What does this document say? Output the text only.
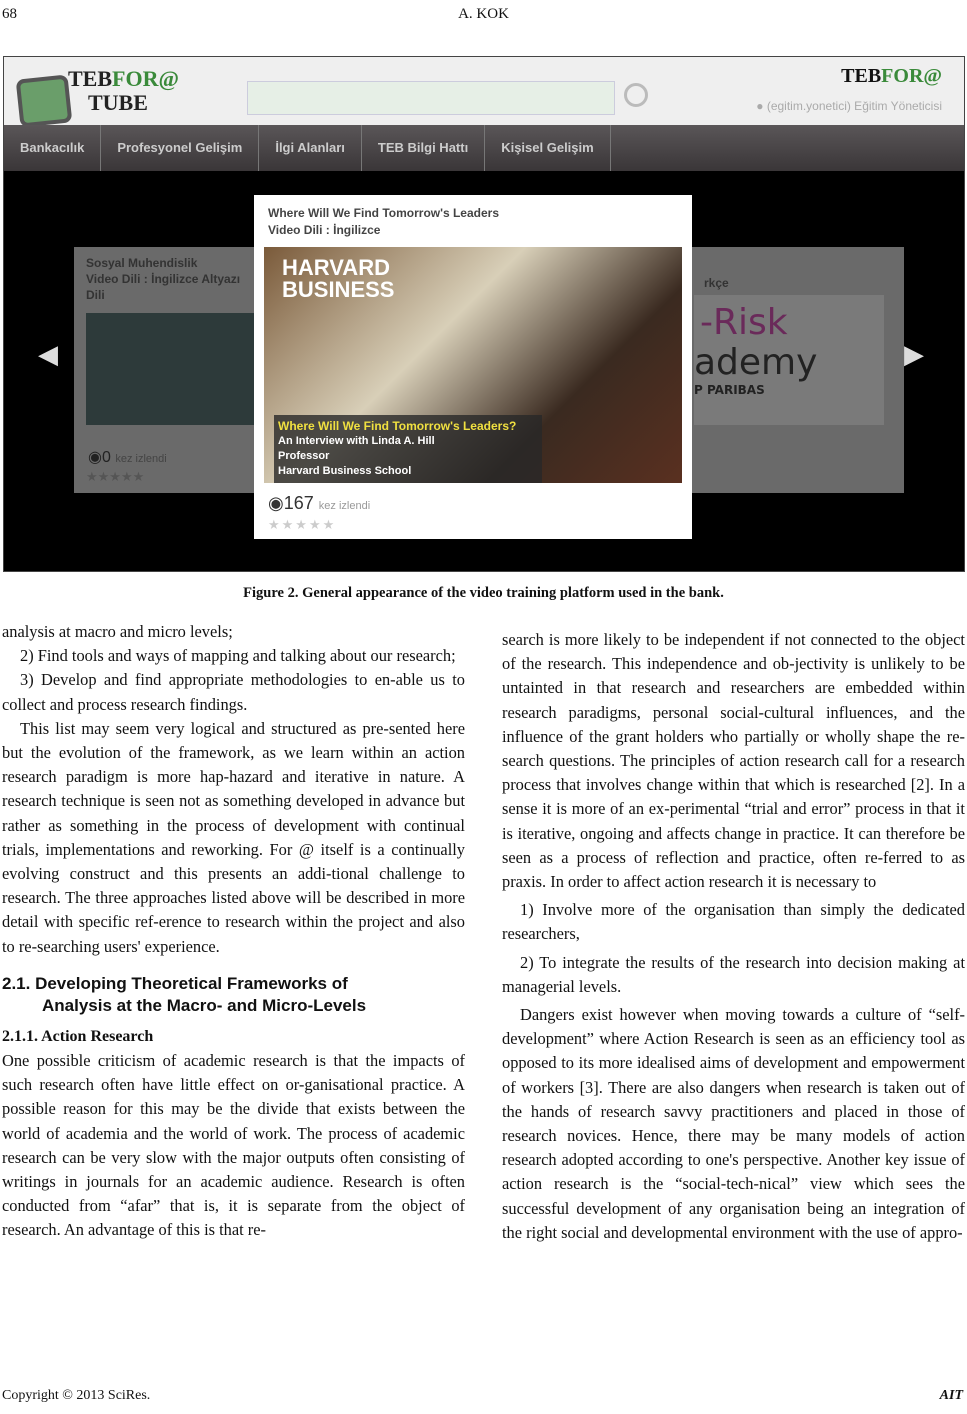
68	A. KOK
TEBFOR@
TUBE
TEBFOR@
● (egitim.yonetici) Eğitim Yöneticisi
Bankacılık	Profesyonel Gelişim	İlgi Alanları	TEB Bilgi Hattı	Kişisel Gelişim
◀	▶
Sosyal Muhendislik
Video Dili : İngilizce Altyazı Dili
◉0 kez izlendi
★★★★★
rkçe
-Risk
ademy
P PARIBAS
Where Will We Find Tomorrow's Leaders
Video Dili : İngilizce
HARVARD
BUSINESS
Where Will We Find Tomorrow's Leaders?
An Interview with Linda A. Hill
Professor
Harvard Business School
◉167 kez izlendi
★★★★★
Figure 2. General appearance of the video training platform used in the bank.

analysis at macro and micro levels;

2) Find tools and ways of mapping and talking about our research;

3) Develop and find appropriate methodologies to en-able us to collect and process research findings.

This list may seem very logical and structured as pre-sented here but the evolution of the framework, as we learn within an action research paradigm is more hap-hazard and iterative in nature. A research technique is seen not as something developed in advance but rather as something in the process of development with continual trials, implementations and reworking. For @ itself is a continually evolving construct and this presents an addi-tional challenge to research. The three approaches listed above will be described in more detail with specific ref-erence to research within the project and also to re-searching users' experience.

2.1. Developing Theoretical Frameworks of
Analysis at the Macro- and Micro-Levels
2.1.1. Action Research

One possible criticism of academic research is that the impacts of such research often have little effect on or-ganisational practice. A possible reason for this may be the divide that exists between the world of academia and the world of work. The process of academic research can be very slow with the major outputs often consisting of writings in journals for an academic audience. Research is often conducted from “afar” that is, it is separate from the object of research. An advantage of this is that re-

search is more likely to be independent if not connected to the object of the research. This independence and ob-jectivity is unlikely to be untainted in that research and researchers are embedded within research paradigms, personal social-cultural influences, and the influence of the grant holders who partially or wholly shape the re-search questions. The principles of action research call for a research process that involves change within that which is researched [2]. In a sense it is more of an ex-perimental “trial and error” process in that it is iterative, ongoing and affects change in practice. It can therefore be seen as a process of reflection and practice, often re-ferred to as praxis. In order to affect action research it is necessary to

1) Involve more of the organisation than simply the dedicated researchers,

2) To integrate the results of the research into decision making at managerial levels.

Dangers exist however when moving towards a culture of “self-development” where Action Research is seen as an efficiency tool as opposed to its more idealised aims of development and empowerment of workers [3]. There are also dangers when research is taken out of the hands of research savvy practitioners and placed in those of research novices. Hence, there may be many models of action research adopted according to one's perspective. Another key issue of action research is the “social-tech-nical” view which sees the successful development of any organisation being an integration of the right social and developmental environment with the use of appro-

Copyright © 2013 SciRes.	AIT
